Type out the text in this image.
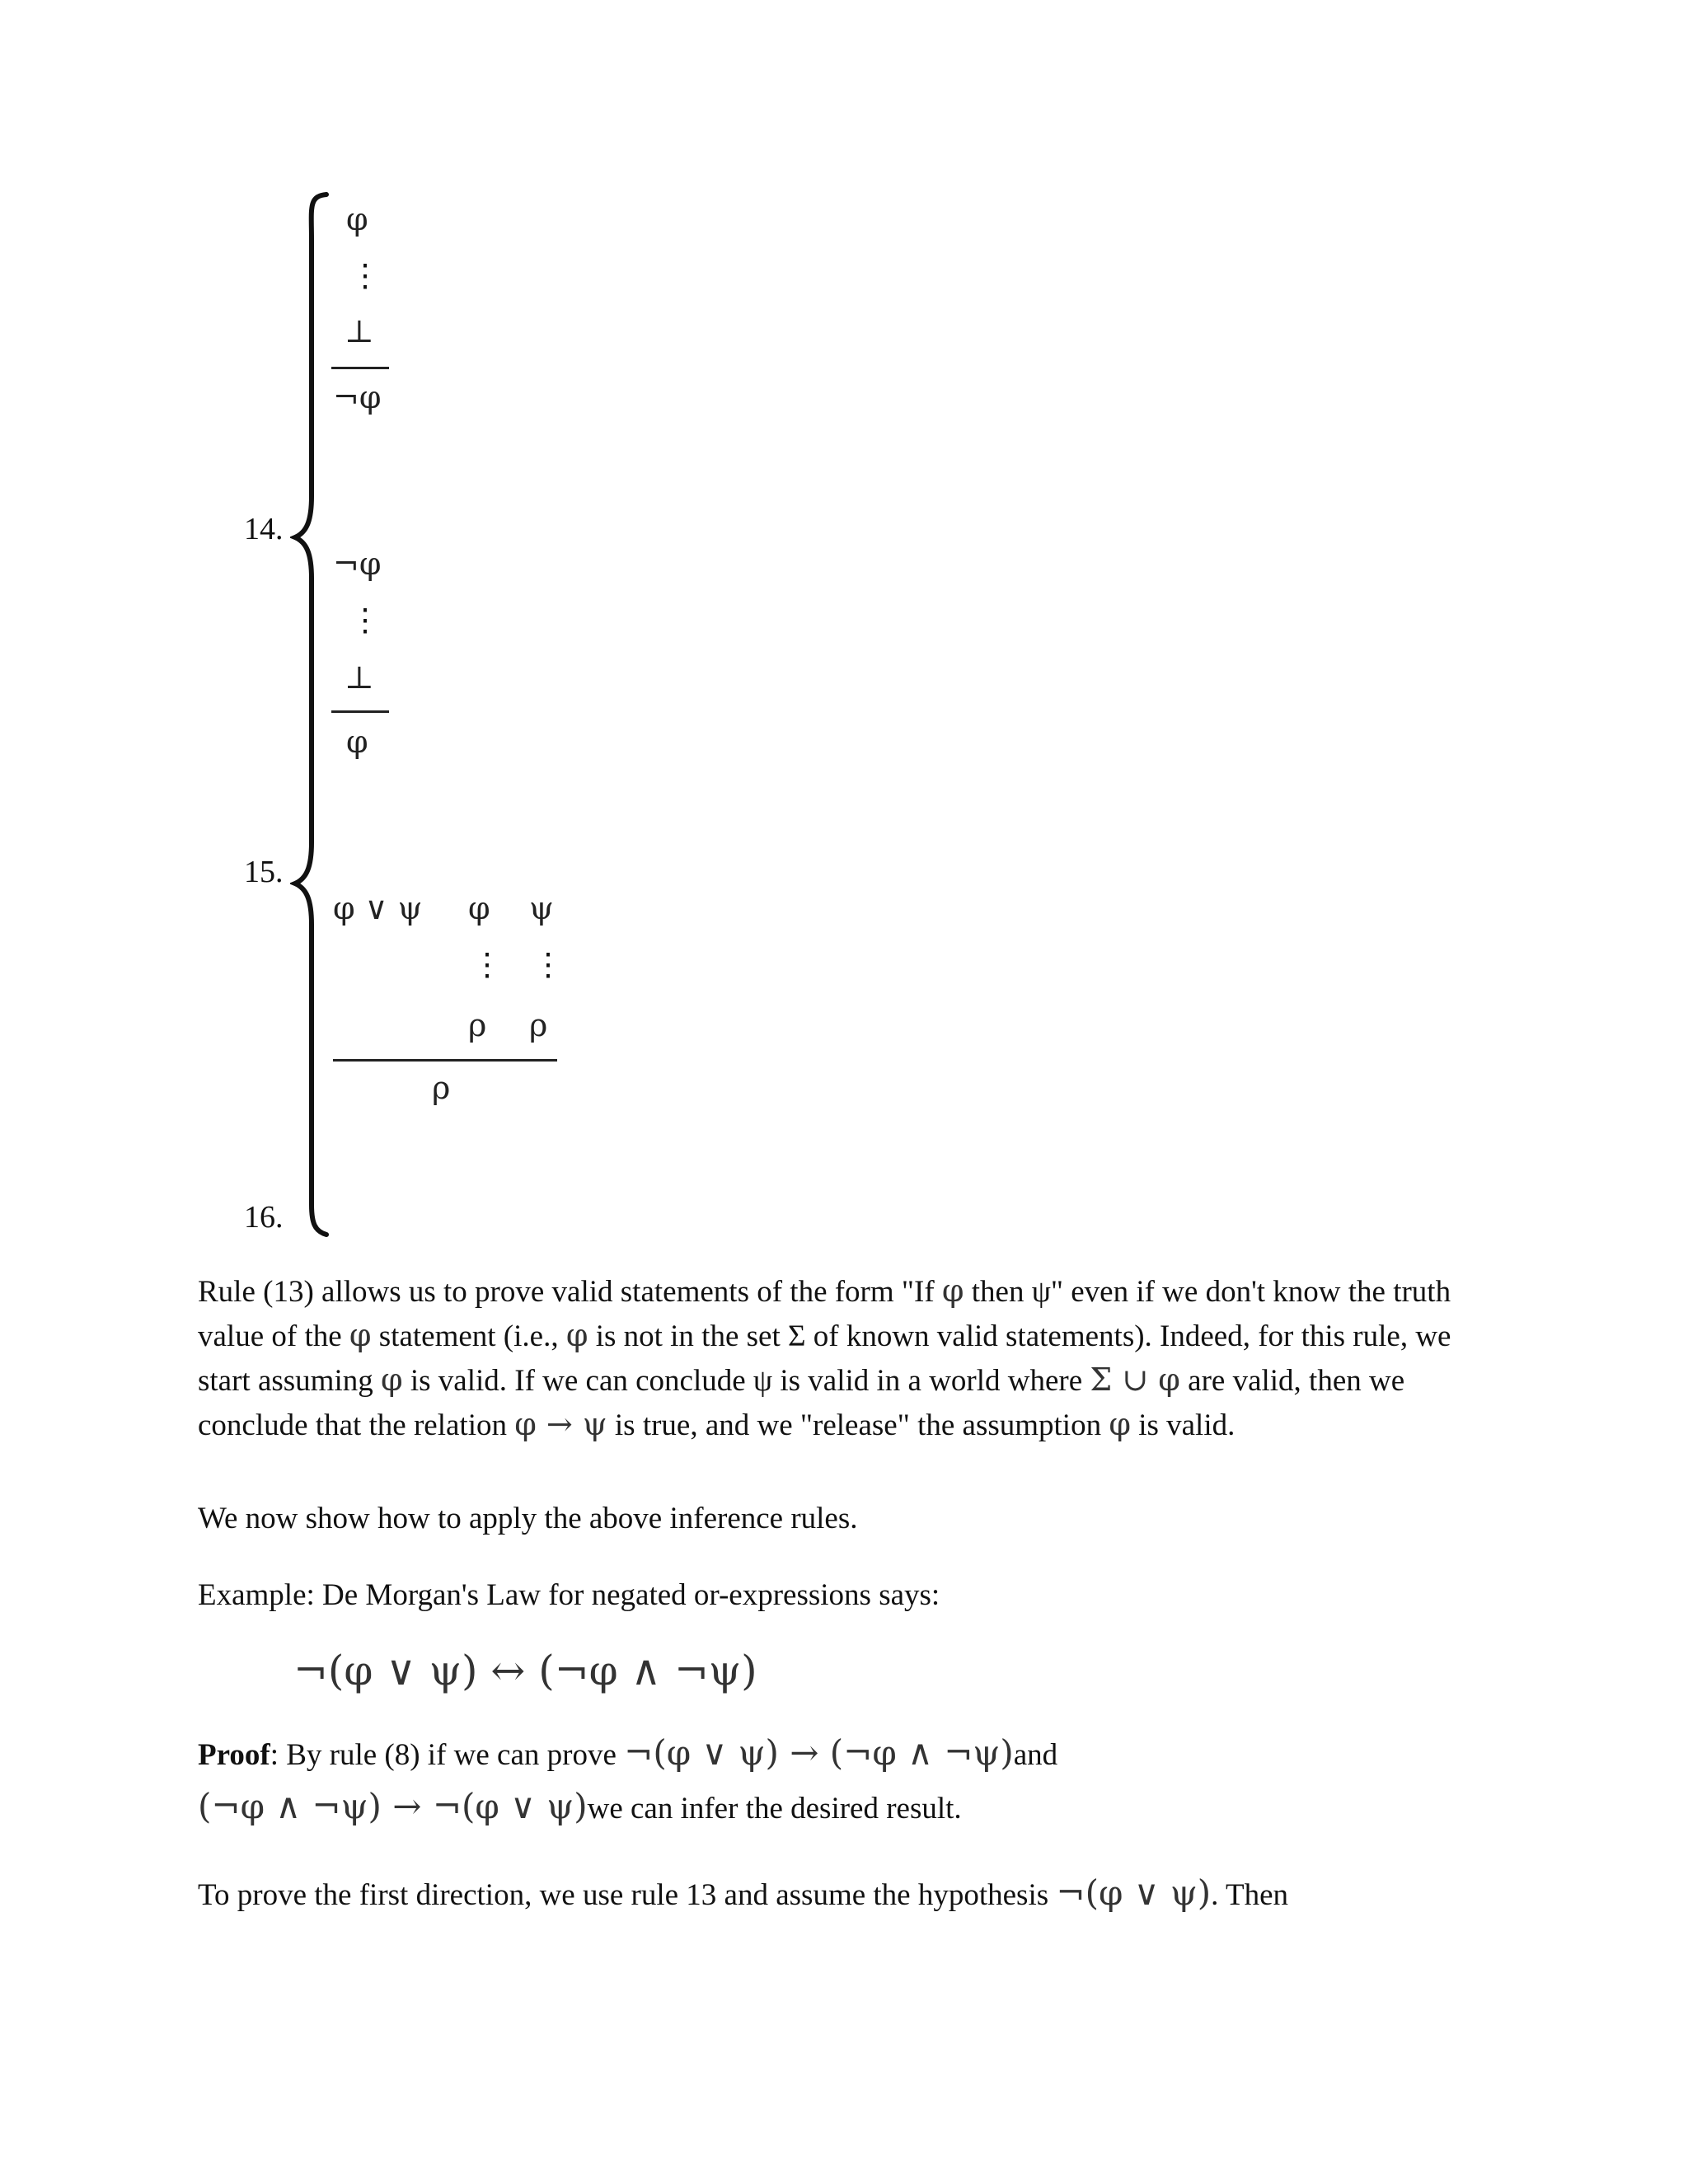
14.
15.
16.
φ
⋮
⊥
¬φ
¬φ
⋮
⊥
φ
φ ∨ ψ φ ψ
⋮ ⋮
ρ ρ
ρ
Rule (13) allows us to prove valid statements of the form "If φ then ψ" even if we don't know the truth value of the φ statement (i.e., φ is not in the set Σ of known valid statements). Indeed, for this rule, we start assuming φ is valid. If we can conclude ψ is valid in a world where Σ ∪ φ are valid, then we conclude that the relation φ → ψ is true, and we "release" the assumption φ is valid.
We now show how to apply the above inference rules.
Example: De Morgan's Law for negated or-expressions says:
¬(φ ∨ ψ) ↔ (¬φ ∧ ¬ψ)
Proof: By rule (8) if we can prove ¬(φ ∨ ψ) → (¬φ ∧ ¬ψ)and
(¬φ ∧ ¬ψ) → ¬(φ ∨ ψ)we can infer the desired result.
To prove the first direction, we use rule 13 and assume the hypothesis ¬(φ ∨ ψ). Then
